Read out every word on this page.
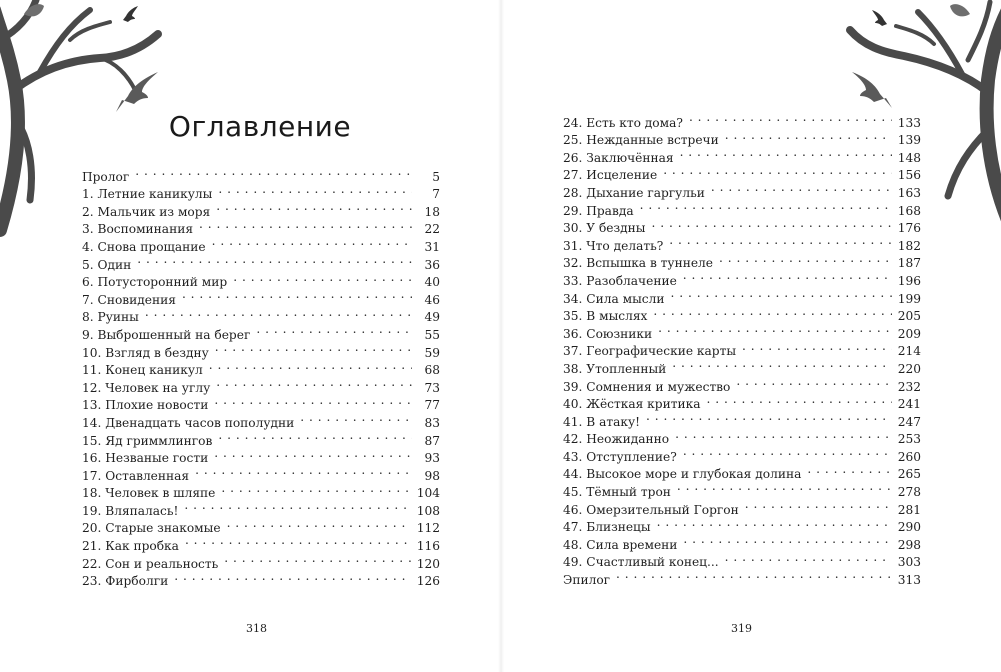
Оглавление
Пролог . . .	5
1. Летние каникулы . . .	7
2. Мальчик из моря . . .	18
3. Воспоминания . . .	22
4. Снова прощание . . .	31
5. Один . . .	36
6. Потусторонний мир . . .	40
7. Сновидения . . .	46
8. Руины . . .	49
9. Выброшенный на берег . . .	55
10. Взгляд в бездну . . .	59
11. Конец каникул . . .	68
12. Человек на углу . . .	73
13. Плохие новости . . .	77
14. Двенадцать часов пополудни . . .	83
15. Яд гриммлингов . . .	87
16. Незваные гости . . .	93
17. Оставленная . . .	98
18. Человек в шляпе . . .	104
19. Вляпалась! . . .	108
20. Старые знакомые . . .	112
21. Как пробка . . .	116
22. Сон и реальность . . .	120
23. Фирболги . . .	126
318
24. Есть кто дома? . . .	133
25. Нежданные встречи . . .	139
26. Заключённая . . .	148
27. Исцеление . . .	156
28. Дыхание гаргульи . . .	163
29. Правда . . .	168
30. У бездны . . .	176
31. Что делать? . . .	182
32. Вспышка в туннеле . . .	187
33. Разоблачение . . .	196
34. Сила мысли . . .	199
35. В мыслях . . .	205
36. Союзники . . .	209
37. Географические карты . . .	214
38. Утопленный . . .	220
39. Сомнения и мужество . . .	232
40. Жёсткая критика . . .	241
41. В атаку! . . .	247
42. Неожиданно . . .	253
43. Отступление? . . .	260
44. Высокое море и глубокая долина . . .	265
45. Тёмный трон . . .	278
46. Омерзительный Горгон . . .	281
47. Близнецы . . .	290
48. Сила времени . . .	298
49. Счастливый конец... . . .	303
Эпилог . . .	313
319
